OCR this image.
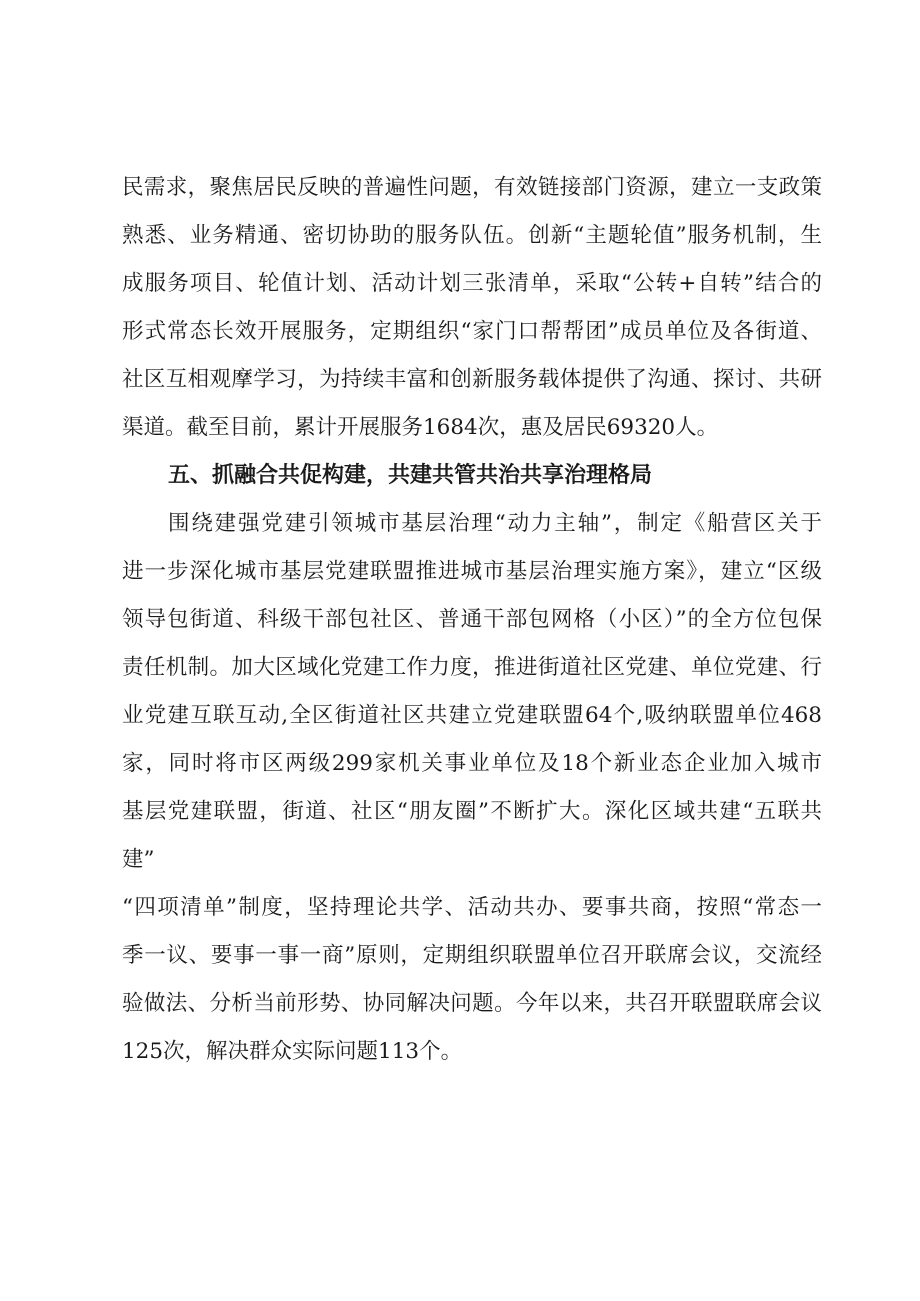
民需求，聚焦居民反映的普遍性问题，有效链接部门资源，建立一支政策
熟悉、业务精通、密切协助的服务队伍。创新“主题轮值”服务机制，生
成服务项目、轮值计划、活动计划三张清单，采取“公转+自转”结合的
形式常态长效开展服务，定期组织“家门口帮帮团”成员单位及各街道、
社区互相观摩学习，为持续丰富和创新服务载体提供了沟通、探讨、共研
渠道。截至目前，累计开展服务1684次，惠及居民69320人。
五、抓融合共促构建，共建共管共治共享治理格局
围绕建强党建引领城市基层治理“动力主轴”，制定《船营区关于
进一步深化城市基层党建联盟推进城市基层治理实施方案》，建立“区级
领导包街道、科级干部包社区、普通干部包网格（小区）”的全方位包保
责任机制。加大区域化党建工作力度，推进街道社区党建、单位党建、行
业党建互联互动,全区街道社区共建立党建联盟64个,吸纳联盟单位468
家，同时将市区两级299家机关事业单位及18个新业态企业加入城市
基层党建联盟，街道、社区“朋友圈”不断扩大。深化区域共建“五联共
建”
“四项清单”制度，坚持理论共学、活动共办、要事共商，按照“常态一
季一议、要事一事一商”原则，定期组织联盟单位召开联席会议，交流经
验做法、分析当前形势、协同解决问题。今年以来，共召开联盟联席会议
125次，解决群众实际问题113个。
